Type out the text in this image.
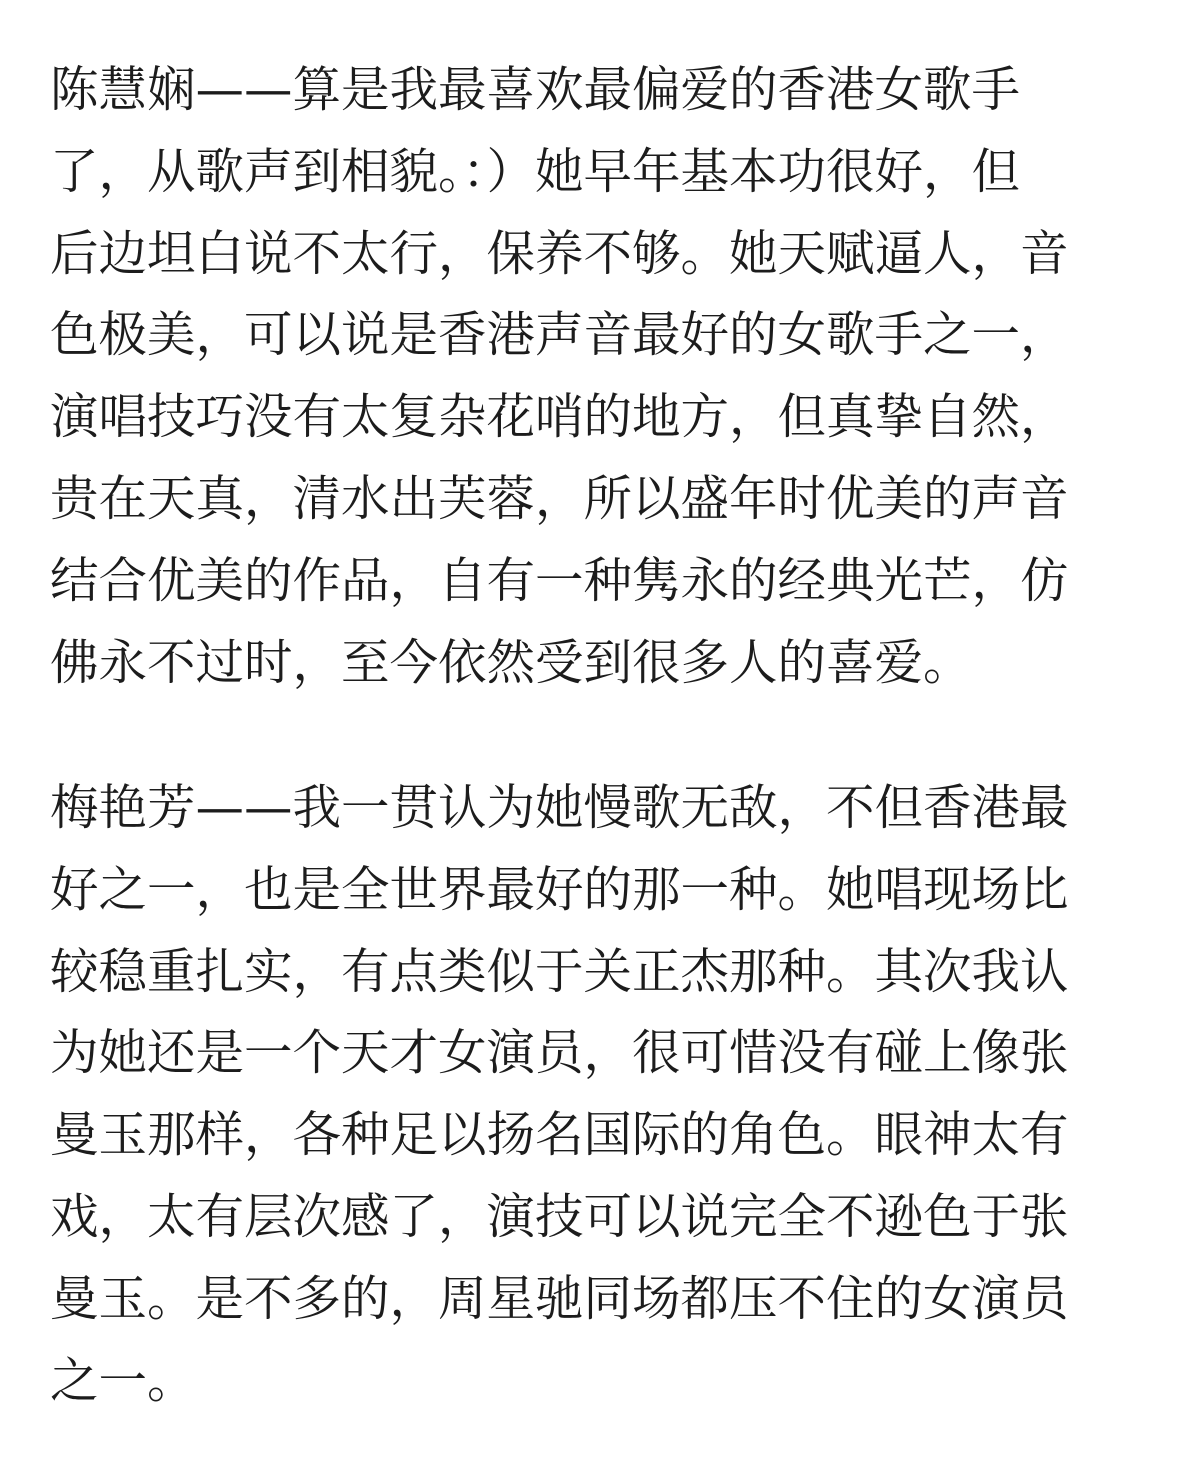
陈慧娴——算是我最喜欢最偏爱的香港女歌手
了，从歌声到相貌。：）她早年基本功很好，但
后边坦白说不太行，保养不够。她天赋逼人，音
色极美，可以说是香港声音最好的女歌手之一，
演唱技巧没有太复杂花哨的地方，但真挚自然，
贵在天真，清水出芙蓉，所以盛年时优美的声音
结合优美的作品，自有一种隽永的经典光芒，仿
佛永不过时，至今依然受到很多人的喜爱。
梅艳芳——我一贯认为她慢歌无敌，不但香港最
好之一，也是全世界最好的那一种。她唱现场比
较稳重扎实，有点类似于关正杰那种。其次我认
为她还是一个天才女演员，很可惜没有碰上像张
曼玉那样，各种足以扬名国际的角色。眼神太有
戏，太有层次感了，演技可以说完全不逊色于张
曼玉。是不多的，周星驰同场都压不住的女演员
之一。
